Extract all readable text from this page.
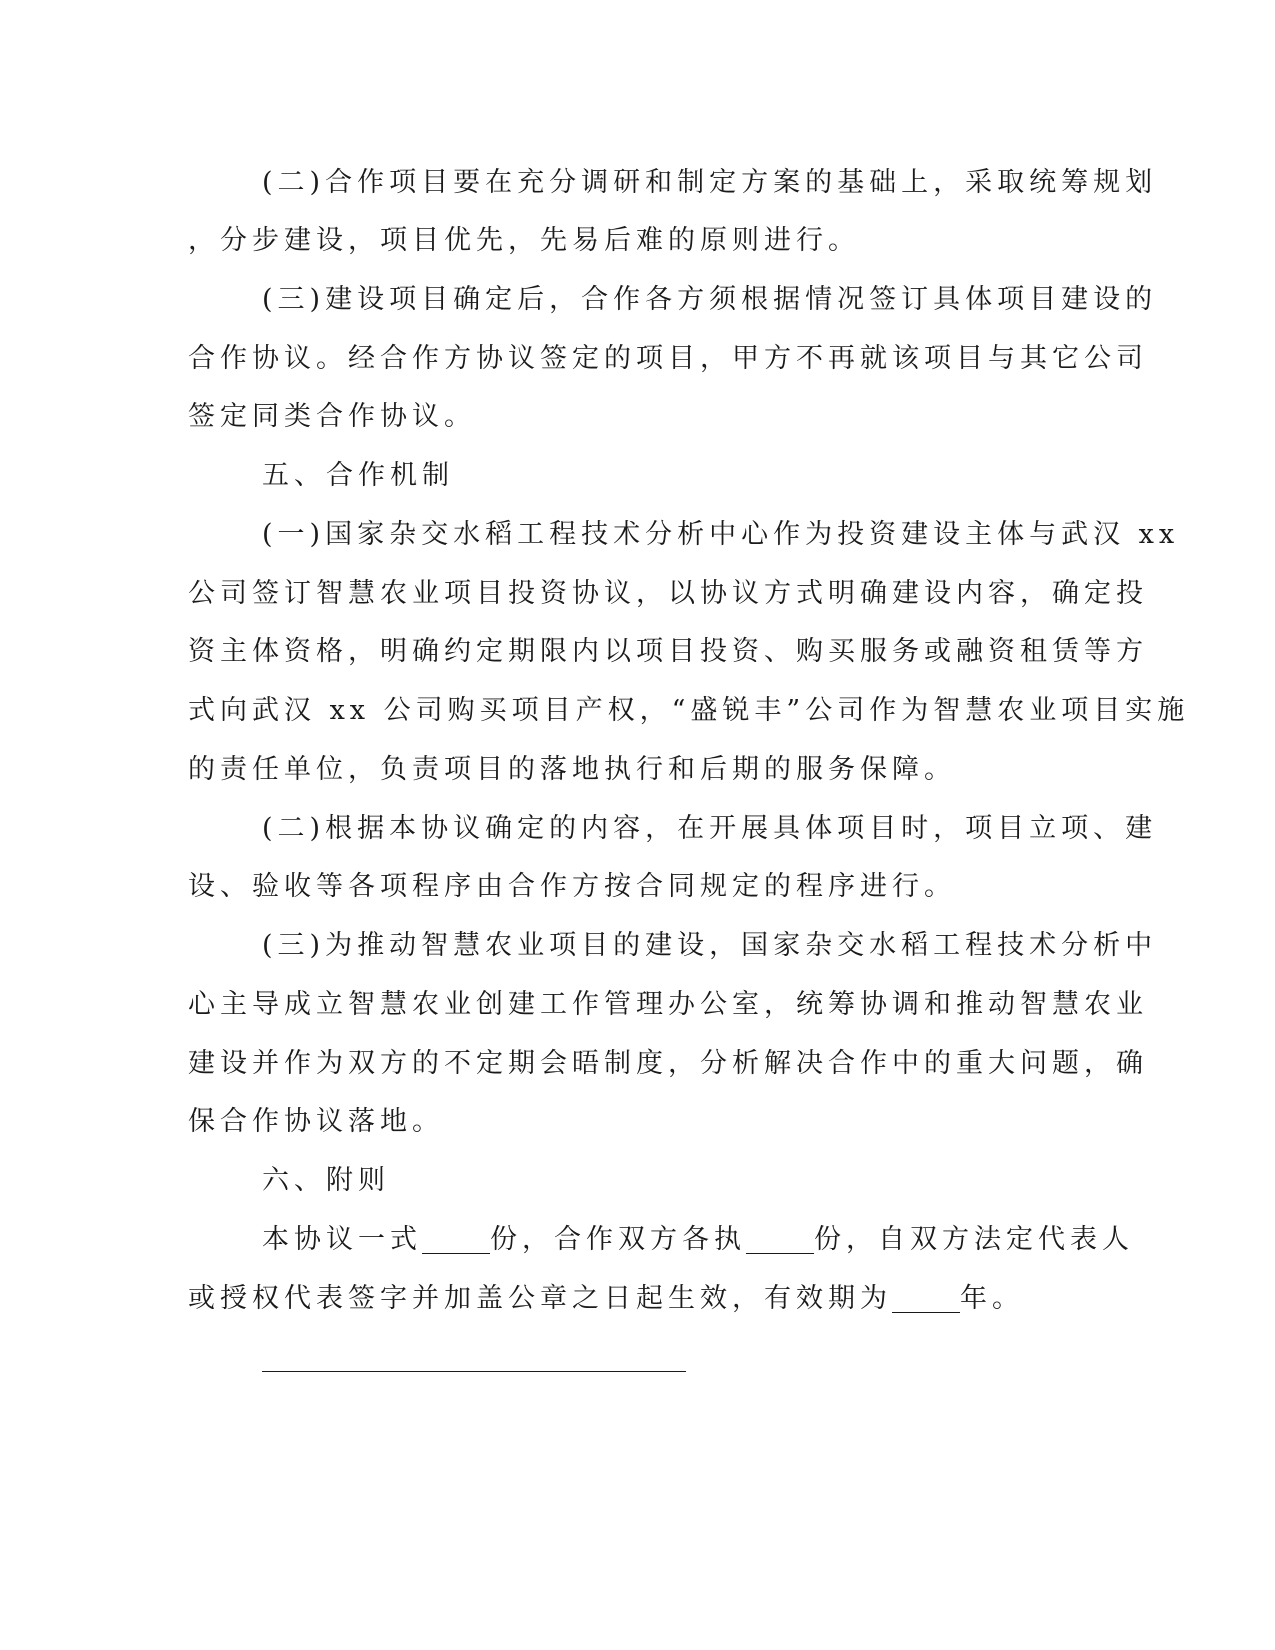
(二)合作项目要在充分调研和制定方案的基础上，采取统筹规划
，分步建设，项目优先，先易后难的原则进行。
(三)建设项目确定后，合作各方须根据情况签订具体项目建设的
合作协议。经合作方协议签定的项目，甲方不再就该项目与其它公司
签定同类合作协议。
五、合作机制
(一)国家杂交水稻工程技术分析中心作为投资建设主体与武汉 xx
公司签订智慧农业项目投资协议，以协议方式明确建设内容，确定投
资主体资格，明确约定期限内以项目投资、购买服务或融资租赁等方
式向武汉 xx 公司购买项目产权，“盛锐丰”公司作为智慧农业项目实施
的责任单位，负责项目的落地执行和后期的服务保障。
(二)根据本协议确定的内容，在开展具体项目时，项目立项、建
设、验收等各项程序由合作方按合同规定的程序进行。
(三)为推动智慧农业项目的建设，国家杂交水稻工程技术分析中
心主导成立智慧农业创建工作管理办公室，统筹协调和推动智慧农业
建设并作为双方的不定期会晤制度，分析解决合作中的重大问题，确
保合作协议落地。
六、附则
本协议一式	份，合作双方各执	份，自双方法定代表人
或授权代表签字并加盖公章之日起生效，有效期为	年。
